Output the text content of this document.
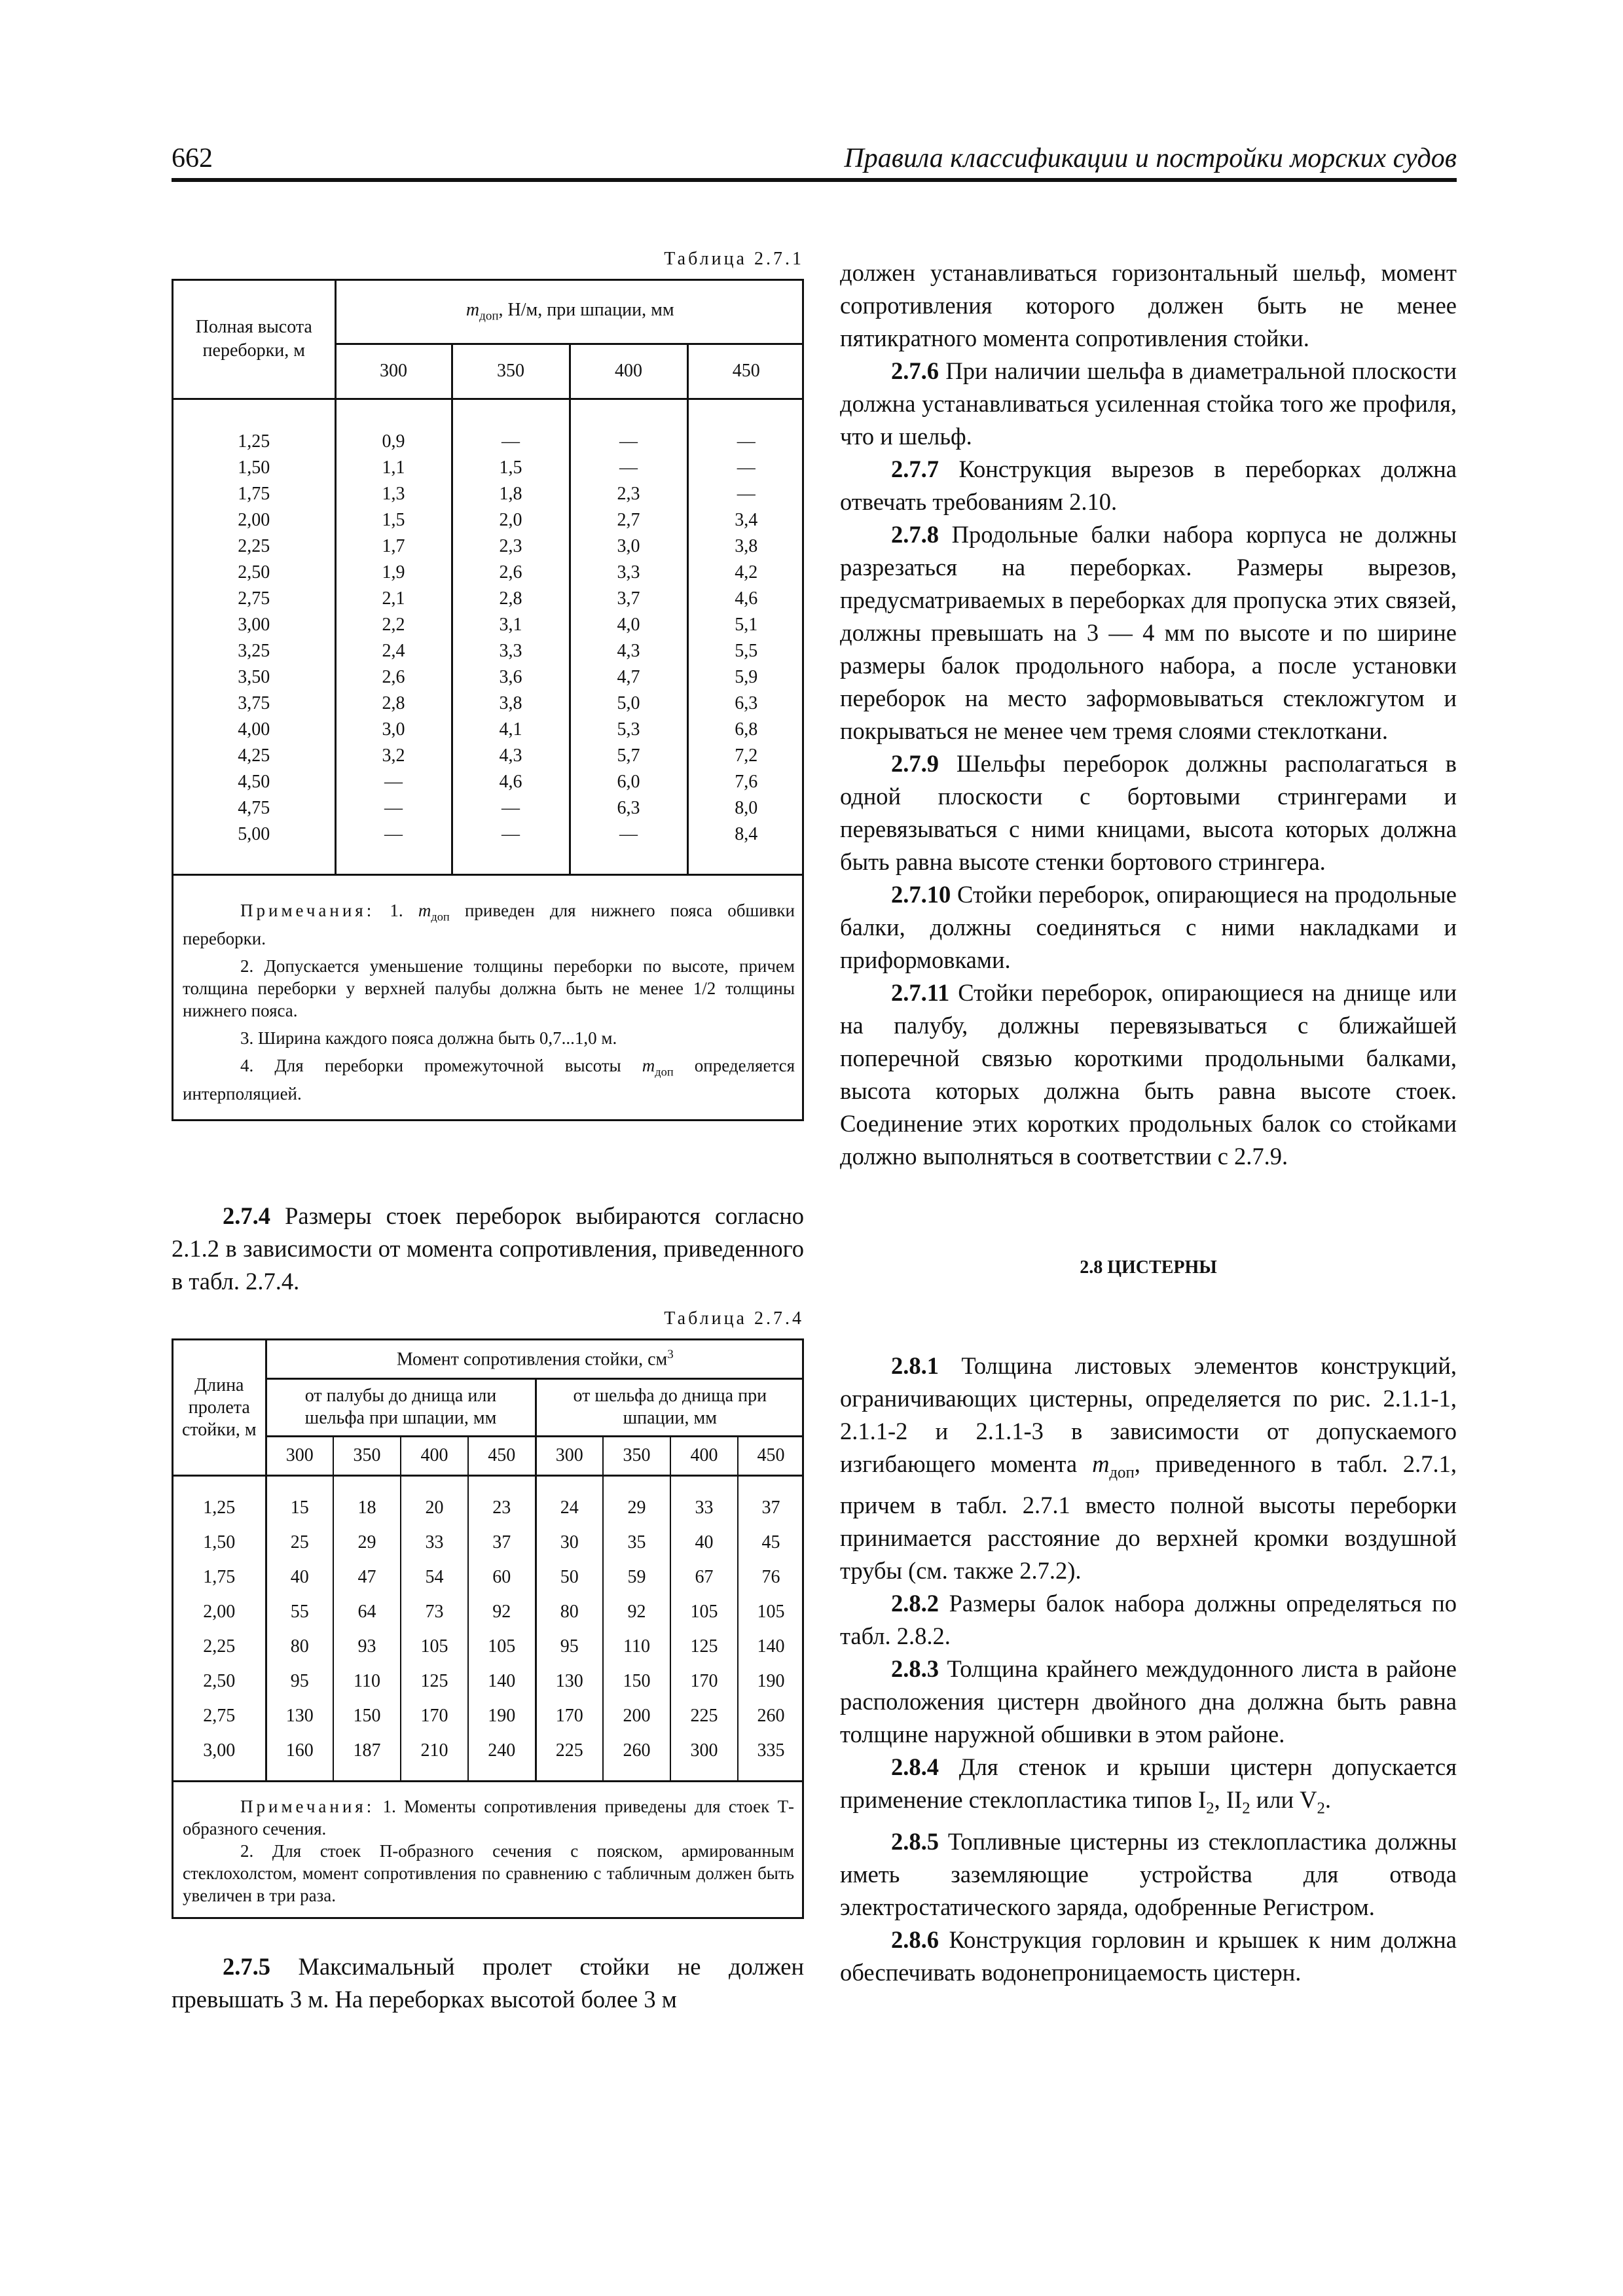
662	Правила классификации и постройки морских судов
Таблица 2.7.1
Полная высота переборки, м	$m_{доп}$, Н/м, при шпации, мм			
	300	350	400	450
1,25	0,9	—	—	—
1,50	1,1	1,5	—	—
1,75	1,3	1,8	2,3	—
2,00	1,5	2,0	2,7	3,4
2,25	1,7	2,3	3,0	3,8
2,50	1,9	2,6	3,3	4,2
2,75	2,1	2,8	3,7	4,6
3,00	2,2	3,1	4,0	5,1
3,25	2,4	3,3	4,3	5,5
3,50	2,6	3,6	4,7	5,9
3,75	2,8	3,8	5,0	6,3
4,00	3,0	4,1	5,3	6,8
4,25	3,2	4,3	5,7	7,2
4,50	—	4,6	6,0	7,6
4,75	—	—	6,3	8,0
5,00	—	—	—	8,4

Примечания: 1. $m_{доп}$ приведен для нижнего пояса обшивки переборки.

2. Допускается уменьшение толщины переборки по высоте, причем толщина переборки у верхней палубы должна быть не менее 1/2 толщины нижнего пояса.

3. Ширина каждого пояса должна быть 0,7...1,0 м.

4. Для переборки промежуточной высоты $m_{доп}$ определяется интерполяцией.				

2.7.4 Размеры стоек переборок выбираются согласно 2.1.2 в зависимости от момента сопротивления, приведенного в табл. 2.7.4.

Таблица 2.7.4
Длина пролета стойки, м	Момент сопротивления стойки, $см^3$
	от палубы до днища или шельфа при шпации, мм				от шельфа до днища при шпации, мм			
	300	350	400	450	300	350	400	450
1,25	15	18	20	23	24	29	33	37
1,50	25	29	33	37	30	35	40	45
1,75	40	47	54	60	50	59	67	76
2,00	55	64	73	92	80	92	105	105
2,25	80	93	105	105	95	110	125	140
2,50	95	110	125	140	130	150	170	190
2,75	130	150	170	190	170	200	225	260
3,00	160	187	210	240	225	260	300	335

Примечания: 1. Моменты сопротивления приведены для стоек Т-образного сечения.

2. Для стоек П-образного сечения с пояском, армированным стеклохолстом, момент сопротивления по сравнению с табличным должен быть увеличен в три раза.								

2.7.5 Максимальный пролет стойки не должен превышать 3 м. На переборках высотой более 3 м

должен устанавливаться горизонтальный шельф, момент сопротивления которого должен быть не менее пятикратного момента сопротивления стойки.

2.7.6 При наличии шельфа в диаметральной плоскости должна устанавливаться усиленная стойка того же профиля, что и шельф.

2.7.7 Конструкция вырезов в переборках должна отвечать требованиям 2.10.

2.7.8 Продольные балки набора корпуса не должны разрезаться на переборках. Размеры вырезов, предусматриваемых в переборках для пропуска этих связей, должны превышать на 3 — 4 мм по высоте и по ширине размеры балок продольного набора, а после установки переборок на место заформовываться стекложгутом и покрываться не менее чем тремя слоями стеклоткани.

2.7.9 Шельфы переборок должны располагаться в одной плоскости с бортовыми стрингерами и перевязываться с ними кницами, высота которых должна быть равна высоте стенки бортового стрингера.

2.7.10 Стойки переборок, опирающиеся на продольные балки, должны соединяться с ними накладками и приформовками.

2.7.11 Стойки переборок, опирающиеся на днище или на палубу, должны перевязываться с ближайшей поперечной связью короткими продольными балками, высота которых должна быть равна высоте стоек. Соединение этих коротких продольных балок со стойками должно выполняться в соответствии с 2.7.9.

2.8 ЦИСТЕРНЫ

2.8.1 Толщина листовых элементов конструкций, ограничивающих цистерны, определяется по рис. 2.1.1-1, 2.1.1-2 и 2.1.1-3 в зависимости от допускаемого изгибающего момента $m_{доп}$, приведенного в табл. 2.7.1, причем в табл. 2.7.1 вместо полной высоты переборки принимается расстояние до верхней кромки воздушной трубы (см. также 2.7.2).

2.8.2 Размеры балок набора должны определяться по табл. 2.8.2.

2.8.3 Толщина крайнего междудонного листа в районе расположения цистерн двойного дна должна быть равна толщине наружной обшивки в этом районе.

2.8.4 Для стенок и крыши цистерн допускается применение стеклопластика типов $I_2$, $II_2$ или $V_2$.

2.8.5 Топливные цистерны из стеклопластика должны иметь заземляющие устройства для отвода электростатического заряда, одобренные Регистром.

2.8.6 Конструкция горловин и крышек к ним должна обеспечивать водонепроницаемость цистерн.
